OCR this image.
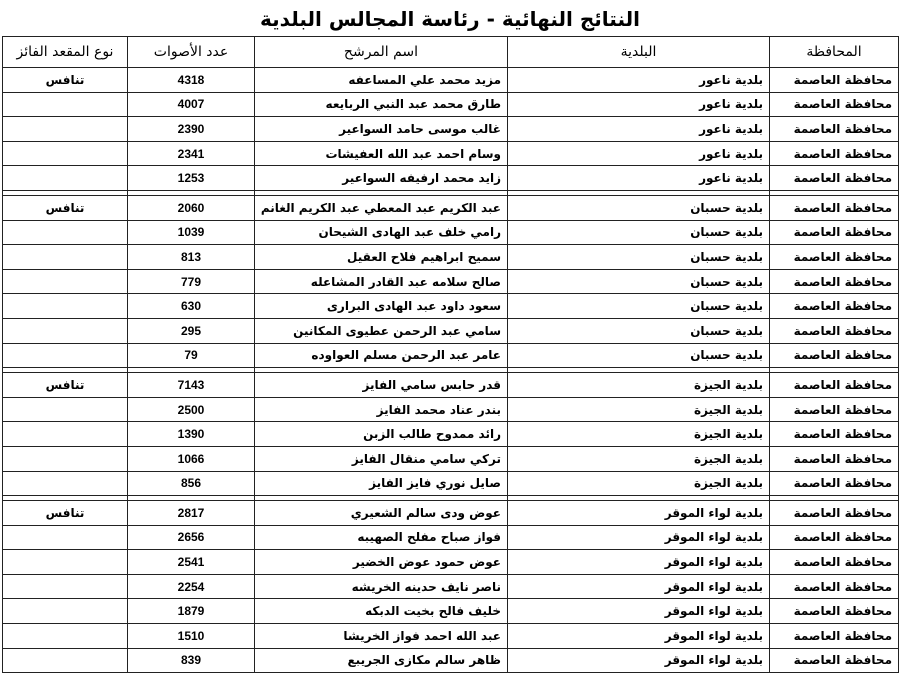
النتائج النهائية - رئاسة المجالس البلدية
المحافظة	البلدية	اسم المرشح	عدد الأصوات	نوع المقعد الفائز
محافظة العاصمة	بلدية ناعور	مزيد محمد علي المساعفه	4318	تنافس
محافظة العاصمة	بلدية ناعور	طارق محمد عبد النبي الربايعه	4007	
محافظة العاصمة	بلدية ناعور	غالب موسى حامد السواعير	2390	
محافظة العاصمة	بلدية ناعور	وسام احمد عبد الله العفيشات	2341	
محافظة العاصمة	بلدية ناعور	زايد محمد ارفيفه السواعير	1253	

محافظة العاصمة	بلدية حسبان	عبد الكريم عبد المعطي عبد الكريم الغانم	2060	تنافس
محافظة العاصمة	بلدية حسبان	رامي خلف عبد الهادى الشيحان	1039	
محافظة العاصمة	بلدية حسبان	سميح ابراهيم فلاح العقيل	813	
محافظة العاصمة	بلدية حسبان	صالح سلامه عبد القادر المشاعله	779	
محافظة العاصمة	بلدية حسبان	سعود داود عبد الهادى البرارى	630	
محافظة العاصمة	بلدية حسبان	سامي عبد الرحمن عطيوى المكانين	295	
محافظة العاصمة	بلدية حسبان	عامر عبد الرحمن مسلم العواوده	79	

محافظة العاصمة	بلدية الجيزة	قدر حابس سامي الفايز	7143	تنافس
محافظة العاصمة	بلدية الجيزة	بندر عناد محمد الفايز	2500	
محافظة العاصمة	بلدية الجيزة	رائد ممدوح طالب الزبن	1390	
محافظة العاصمة	بلدية الجيزة	تركي سامي منقال الفايز	1066	
محافظة العاصمة	بلدية الجيزة	صايل نوري فايز الفايز	856	

محافظة العاصمة	بلدية لواء الموقر	عوض ودى سالم الشعيري	2817	تنافس
محافظة العاصمة	بلدية لواء الموقر	فواز صباح مفلح الصهيبه	2656	
محافظة العاصمة	بلدية لواء الموقر	عوض حمود عوض الخضير	2541	
محافظة العاصمة	بلدية لواء الموقر	ناصر نايف حدينه الخريشه	2254	
محافظة العاصمة	بلدية لواء الموقر	خليف فالح بخيت الدبكه	1879	
محافظة العاصمة	بلدية لواء الموقر	عبد الله احمد فواز الخريشا	1510	
محافظة العاصمة	بلدية لواء الموقر	ظاهر سالم مكازى الجريبع	839	
